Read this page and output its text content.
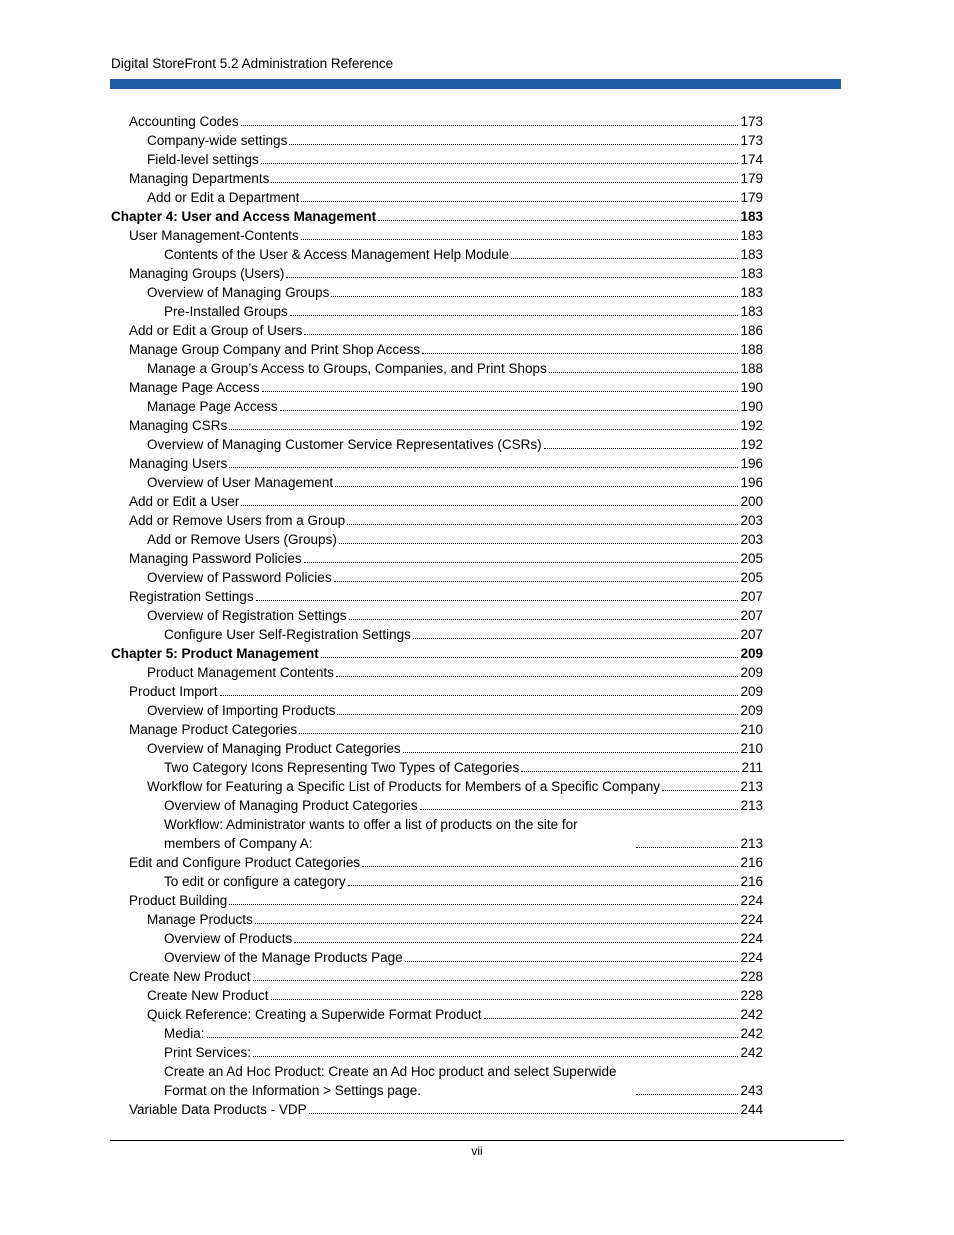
Digital StoreFront 5.2 Administration Reference
Accounting Codes	173
Company-wide settings	173
Field-level settings	174
Managing Departments	179
Add or Edit a Department	179
Chapter 4: User and Access Management	183
User Management-Contents	183
Contents of the User & Access Management Help Module	183
Managing Groups (Users)	183
Overview of Managing Groups	183
Pre-Installed Groups	183
Add or Edit a Group of Users	186
Manage Group Company and Print Shop Access	188
Manage a Group’s Access to Groups, Companies, and Print Shops	188
Manage Page Access	190
Manage Page Access	190
Managing CSRs	192
Overview of Managing Customer Service Representatives (CSRs)	192
Managing Users	196
Overview of User Management	196
Add or Edit a User	200
Add or Remove Users from a Group	203
Add or Remove Users (Groups)	203
Managing Password Policies	205
Overview of Password Policies	205
Registration Settings	207
Overview of Registration Settings	207
Configure User Self-Registration Settings	207
Chapter 5: Product Management	209
Product Management Contents	209
Product Import	209
Overview of Importing Products	209
Manage Product Categories	210
Overview of Managing Product Categories	210
Two Category Icons Representing Two Types of Categories	211
Workflow for Featuring a Specific List of Products for Members of a Specific Company	213
Overview of Managing Product Categories	213
Workflow: Administrator wants to offer a list of products on the site for members of Company A:	213
Edit and Configure Product Categories	216
To edit or configure a category	216
Product Building	224
Manage Products	224
Overview of Products	224
Overview of the Manage Products Page	224
Create New Product	228
Create New Product	228
Quick Reference: Creating a Superwide Format Product	242
Media:	242
Print Services:	242
Create an Ad Hoc Product: Create an Ad Hoc product and select Superwide Format on the Information > Settings page.	243
Variable Data Products - VDP	244
vii
